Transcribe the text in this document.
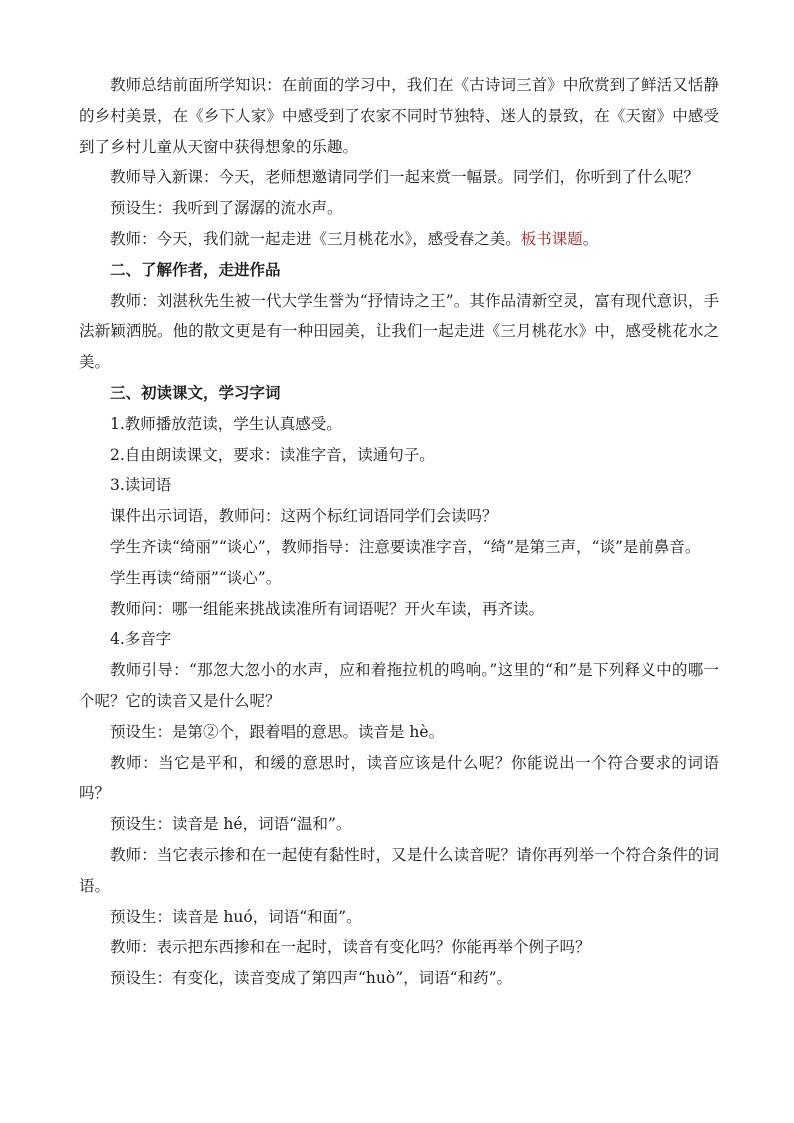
教师总结前面所学知识：在前面的学习中，我们在《古诗词三首》中欣赏到了鲜活又恬静的乡村美景，在《乡下人家》中感受到了农家不同时节独特、迷人的景致，在《天窗》中感受到了乡村儿童从天窗中获得想象的乐趣。

教师导入新课：今天，老师想邀请同学们一起来赏一幅景。同学们，你听到了什么呢？

预设生：我听到了潺潺的流水声。

教师：今天，我们就一起走进《三月桃花水》，感受春之美。板书课题。

二、了解作者，走进作品

教师：刘湛秋先生被一代大学生誉为“抒情诗之王”。其作品清新空灵，富有现代意识，手法新颖洒脱。他的散文更是有一种田园美，让我们一起走进《三月桃花水》中，感受桃花水之美。

三、初读课文，学习字词

1.教师播放范读，学生认真感受。

2.自由朗读课文，要求：读准字音，读通句子。

3.读词语

课件出示词语，教师问：这两个标红词语同学们会读吗？

学生齐读“绮丽”“谈心”，教师指导：注意要读准字音，“绮”是第三声，“谈”是前鼻音。

学生再读“绮丽”“谈心”。

教师问：哪一组能来挑战读准所有词语呢？开火车读，再齐读。

4.多音字

教师引导：“那忽大忽小的水声，应和着拖拉机的鸣响。”这里的“和”是下列释义中的哪一个呢？它的读音又是什么呢？

预设生：是第②个，跟着唱的意思。读音是 hè。

教师：当它是平和，和缓的意思时，读音应该是什么呢？你能说出一个符合要求的词语吗？

预设生：读音是 hé，词语“温和”。

教师：当它表示掺和在一起使有黏性时，又是什么读音呢？请你再列举一个符合条件的词语。

预设生：读音是 huó，词语“和面”。

教师：表示把东西掺和在一起时，读音有变化吗？你能再举个例子吗？

预设生：有变化，读音变成了第四声“huò”，词语“和药”。
